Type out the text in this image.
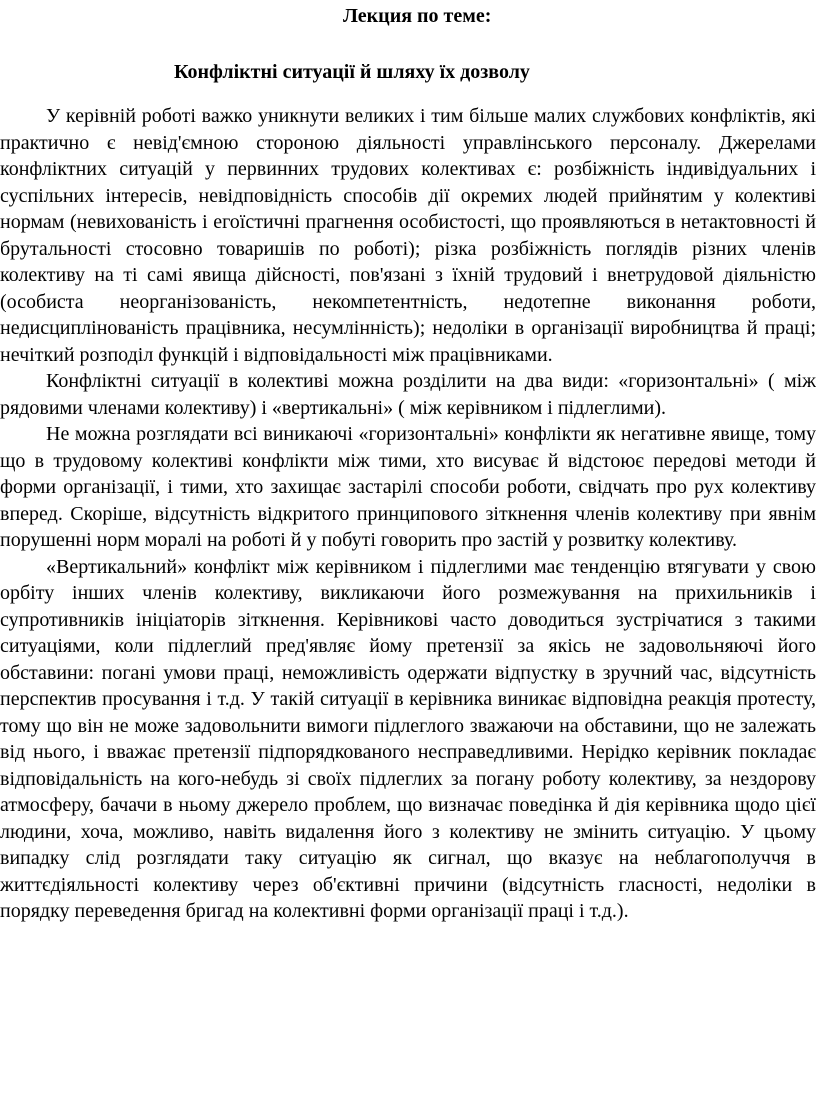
Лекция по теме:
Конфліктні ситуації й шляху їх дозволу

У керівній роботі важко уникнути великих і тим більше малих службових конфліктів, які практично є невід'ємною стороною діяльності управлінського персоналу. Джерелами конфліктних ситуацій у первинних трудових колективах є: розбіжність індивідуальних і суспільних інтересів, невідповідність способів дії окремих людей прийнятим у колективі нормам (невихованість і егоїстичні прагнення особистості, що проявляються в нетактовності й брутальності стосовно товаришів по роботі); різка розбіжність поглядів різних членів колективу на ті самі явища дійсності, пов'язані з їхній трудовий і внетрудовой діяльністю (особиста неорганізованість, некомпетентність, недотепне виконання роботи, недисциплінованість працівника, несумлінність); недоліки в організації виробництва й праці; нечіткий розподіл функцій і відповідальності між працівниками.

Конфліктні ситуації в колективі можна розділити на два види: «горизонтальні» ( між рядовими членами колективу) і «вертикальні» ( між керівником і підлеглими).

Не можна розглядати всі виникаючі «горизонтальні» конфлікти як негативне явище, тому що в трудовому колективі конфлікти між тими, хто висуває й відстоює передові методи й форми організації, і тими, хто захищає застарілі способи роботи, свідчать про рух колективу вперед. Скоріше, відсутність відкритого принципового зіткнення членів колективу при явнім порушенні норм моралі на роботі й у побуті говорить про застій у розвитку колективу.

«Вертикальний» конфлікт між керівником і підлеглими має тенденцію втягувати у свою орбіту інших членів колективу, викликаючи його розмежування на прихильників і супротивників ініціаторів зіткнення. Керівникові часто доводиться зустрічатися з такими ситуаціями, коли підлеглий пред'являє йому претензії за якісь не задовольняючі його обставини: погані умови праці, неможливість одержати відпустку в зручний час, відсутність перспектив просування і т.д. У такій ситуації в керівника виникає відповідна реакція протесту, тому що він не може задовольнити вимоги підлеглого зважаючи на обставини, що не залежать від нього, і вважає претензії підпорядкованого несправедливими. Нерідко керівник покладає відповідальність на кого-небудь зі своїх підлеглих за погану роботу колективу, за нездорову атмосферу, бачачи в ньому джерело проблем, що визначає поведінка й дія керівника щодо цієї людини, хоча, можливо, навіть видалення його з колективу не змінить ситуацію. У цьому випадку слід розглядати таку ситуацію як сигнал, що вказує на неблагополуччя в життєдіяльності колективу через об'єктивні причини (відсутність гласності, недоліки в порядку переведення бригад на колективні форми організації праці і т.д.).
